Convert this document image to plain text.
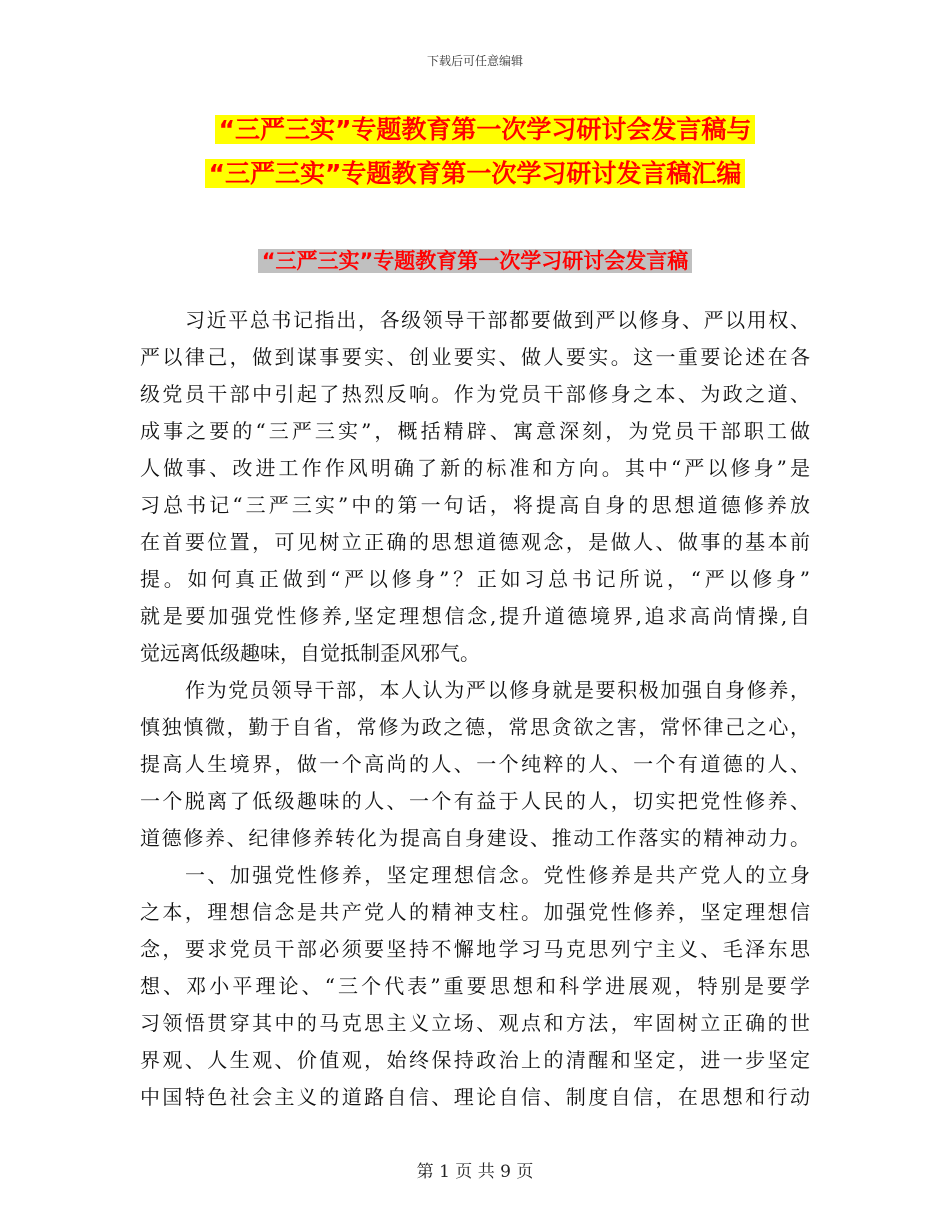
下载后可任意编辑
“三严三实”专题教育第一次学习研讨会发言稿与
“三严三实”专题教育第一次学习研讨发言稿汇编
“三严三实”专题教育第一次学习研讨会发言稿
习近平总书记指出，各级领导干部都要做到严以修身、严以用权、
严以律己，做到谋事要实、创业要实、做人要实。这一重要论述在各
级党员干部中引起了热烈反响。作为党员干部修身之本、为政之道、
成事之要的“三严三实”，概括精辟、寓意深刻，为党员干部职工做
人做事、改进工作作风明确了新的标准和方向。其中“严以修身”是
习总书记“三严三实”中的第一句话，将提高自身的思想道德修养放
在首要位置，可见树立正确的思想道德观念，是做人、做事的基本前
提。如何真正做到“严以修身”？正如习总书记所说，“严以修身”
就是要加强党性修养,坚定理想信念,提升道德境界,追求高尚情操,自
觉远离低级趣味，自觉抵制歪风邪气。
作为党员领导干部，本人认为严以修身就是要积极加强自身修养，
慎独慎微，勤于自省，常修为政之德，常思贪欲之害，常怀律己之心，
提高人生境界，做一个高尚的人、一个纯粹的人、一个有道德的人、
一个脱离了低级趣味的人、一个有益于人民的人，切实把党性修养、
道德修养、纪律修养转化为提高自身建设、推动工作落实的精神动力。
一、加强党性修养，坚定理想信念。党性修养是共产党人的立身
之本，理想信念是共产党人的精神支柱。加强党性修养，坚定理想信
念，要求党员干部必须要坚持不懈地学习马克思列宁主义、毛泽东思
想、邓小平理论、“三个代表”重要思想和科学进展观，特别是要学
习领悟贯穿其中的马克思主义立场、观点和方法，牢固树立正确的世
界观、人生观、价值观，始终保持政治上的清醒和坚定，进一步坚定
中国特色社会主义的道路自信、理论自信、制度自信，在思想和行动
第 1 页 共 9 页
